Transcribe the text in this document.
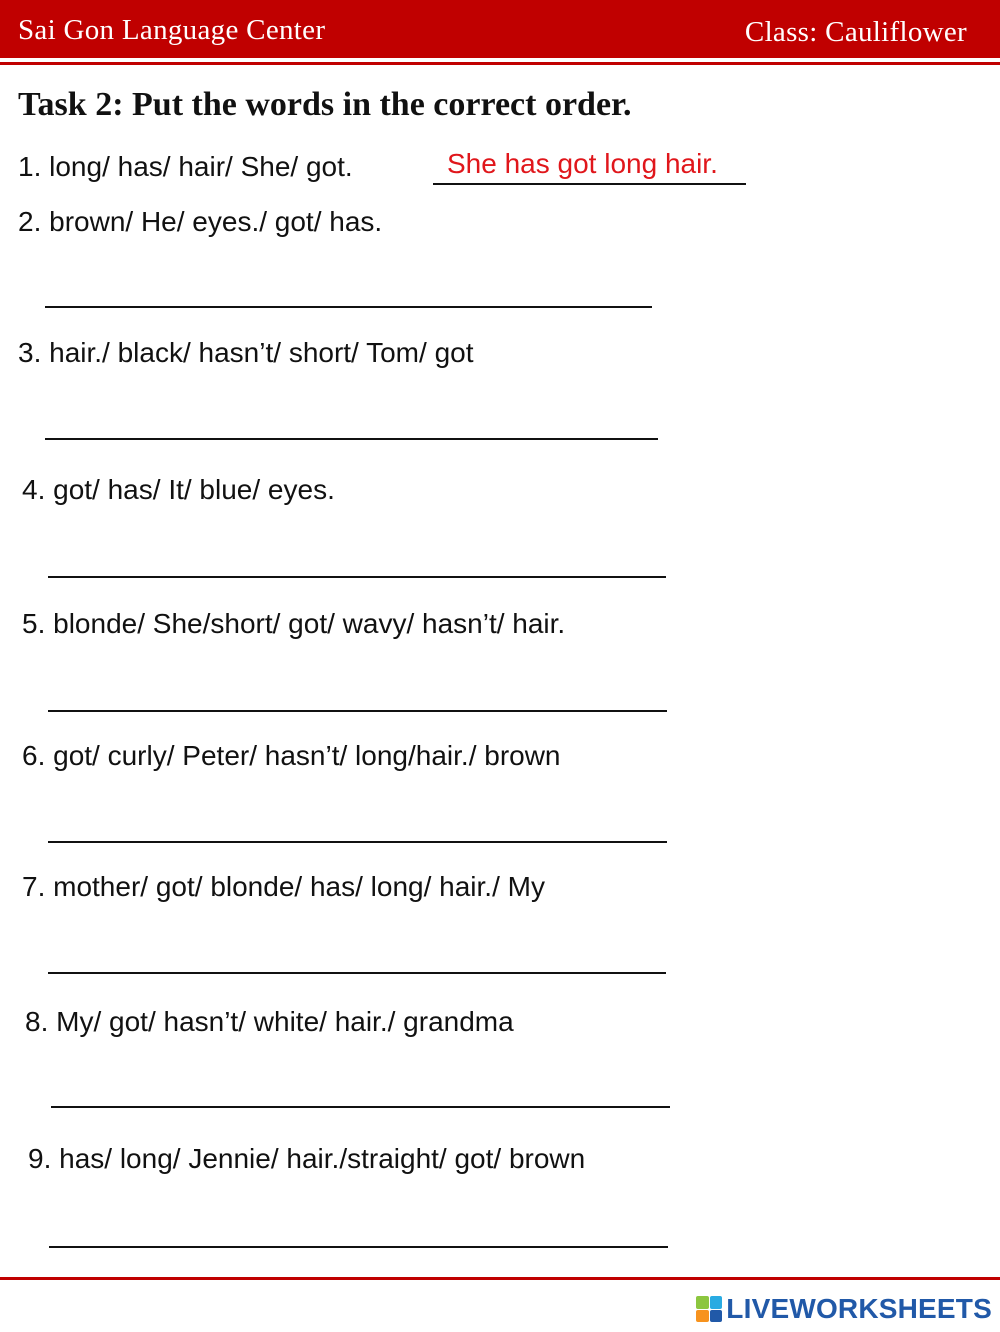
Sai Gon Language Center	Class: Cauliflower
Task 2: Put the words in the correct order.
1. long/ has/ hair/ She/ got.	She has got long hair.
2. brown/ He/ eyes./ got/ has.
3. hair./ black/ hasn’t/ short/ Tom/ got
4. got/ has/ It/ blue/ eyes.
5. blonde/ She/short/ got/ wavy/ hasn’t/ hair.
6. got/ curly/ Peter/ hasn’t/ long/hair./ brown
7. mother/ got/ blonde/ has/ long/ hair./ My
8. My/ got/ hasn’t/ white/ hair./ grandma
9. has/ long/ Jennie/ hair./straight/ got/ brown
LIVEWORKSHEETS
